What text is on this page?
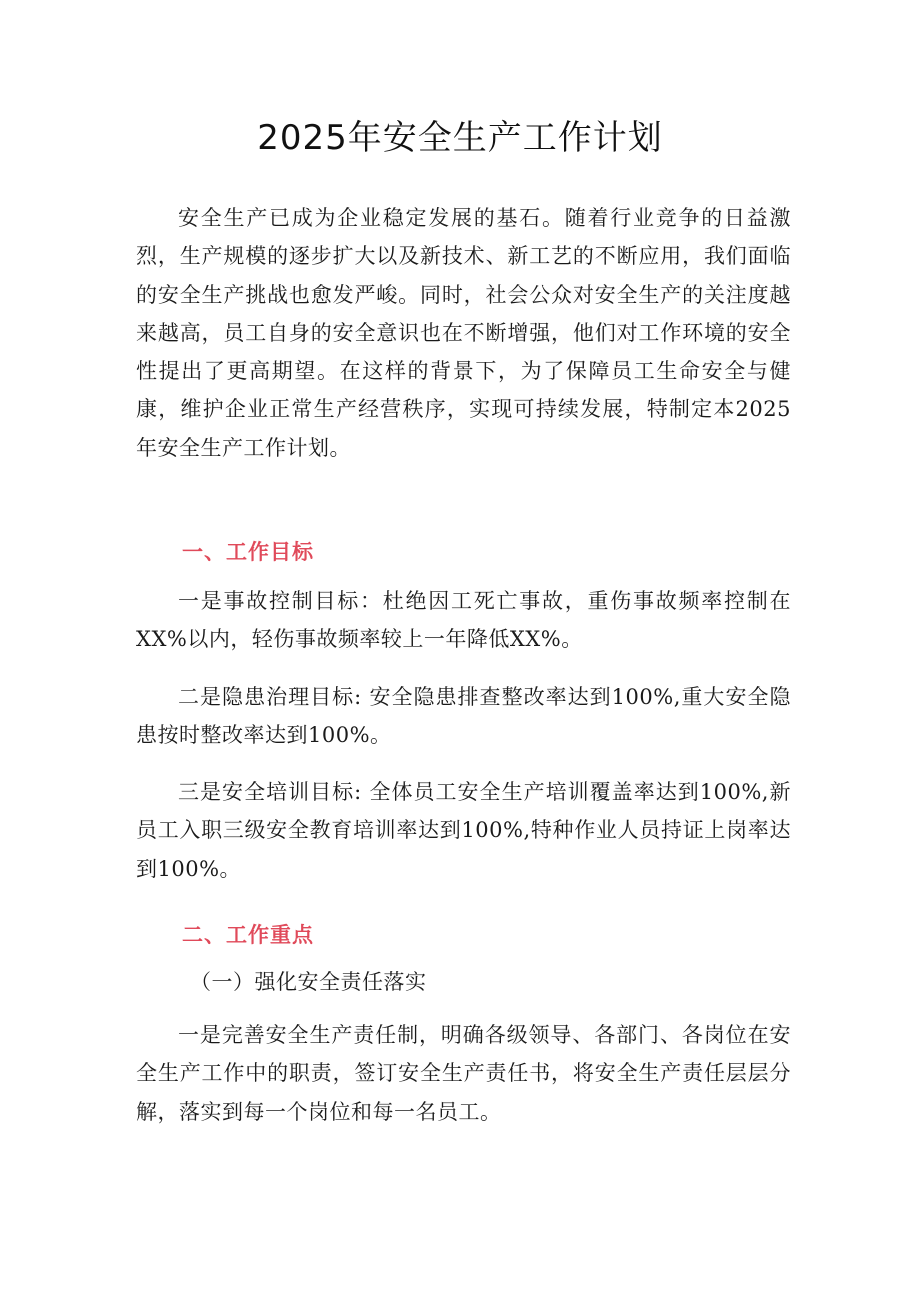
2025年安全生产工作计划

安全生产已成为企业稳定发展的基石。随着行业竞争的日益激烈，生产规模的逐步扩大以及新技术、新工艺的不断应用，我们面临的安全生产挑战也愈发严峻。同时，社会公众对安全生产的关注度越来越高，员工自身的安全意识也在不断增强，他们对工作环境的安全性提出了更高期望。在这样的背景下，为了保障员工生命安全与健康，维护企业正常生产经营秩序，实现可持续发展，特制定本2025年安全生产工作计划。

一、工作目标

一是事故控制目标：杜绝因工死亡事故，重伤事故频率控制在XX%以内，轻伤事故频率较上一年降低XX%。

二是隐患治理目标: 安全隐患排查整改率达到100%,重大安全隐患按时整改率达到100%。

三是安全培训目标: 全体员工安全生产培训覆盖率达到100%,新员工入职三级安全教育培训率达到100%,特种作业人员持证上岗率达到100%。

二、工作重点

（一）强化安全责任落实

一是完善安全生产责任制，明确各级领导、各部门、各岗位在安全生产工作中的职责，签订安全生产责任书，将安全生产责任层层分解，落实到每一个岗位和每一名员工。
